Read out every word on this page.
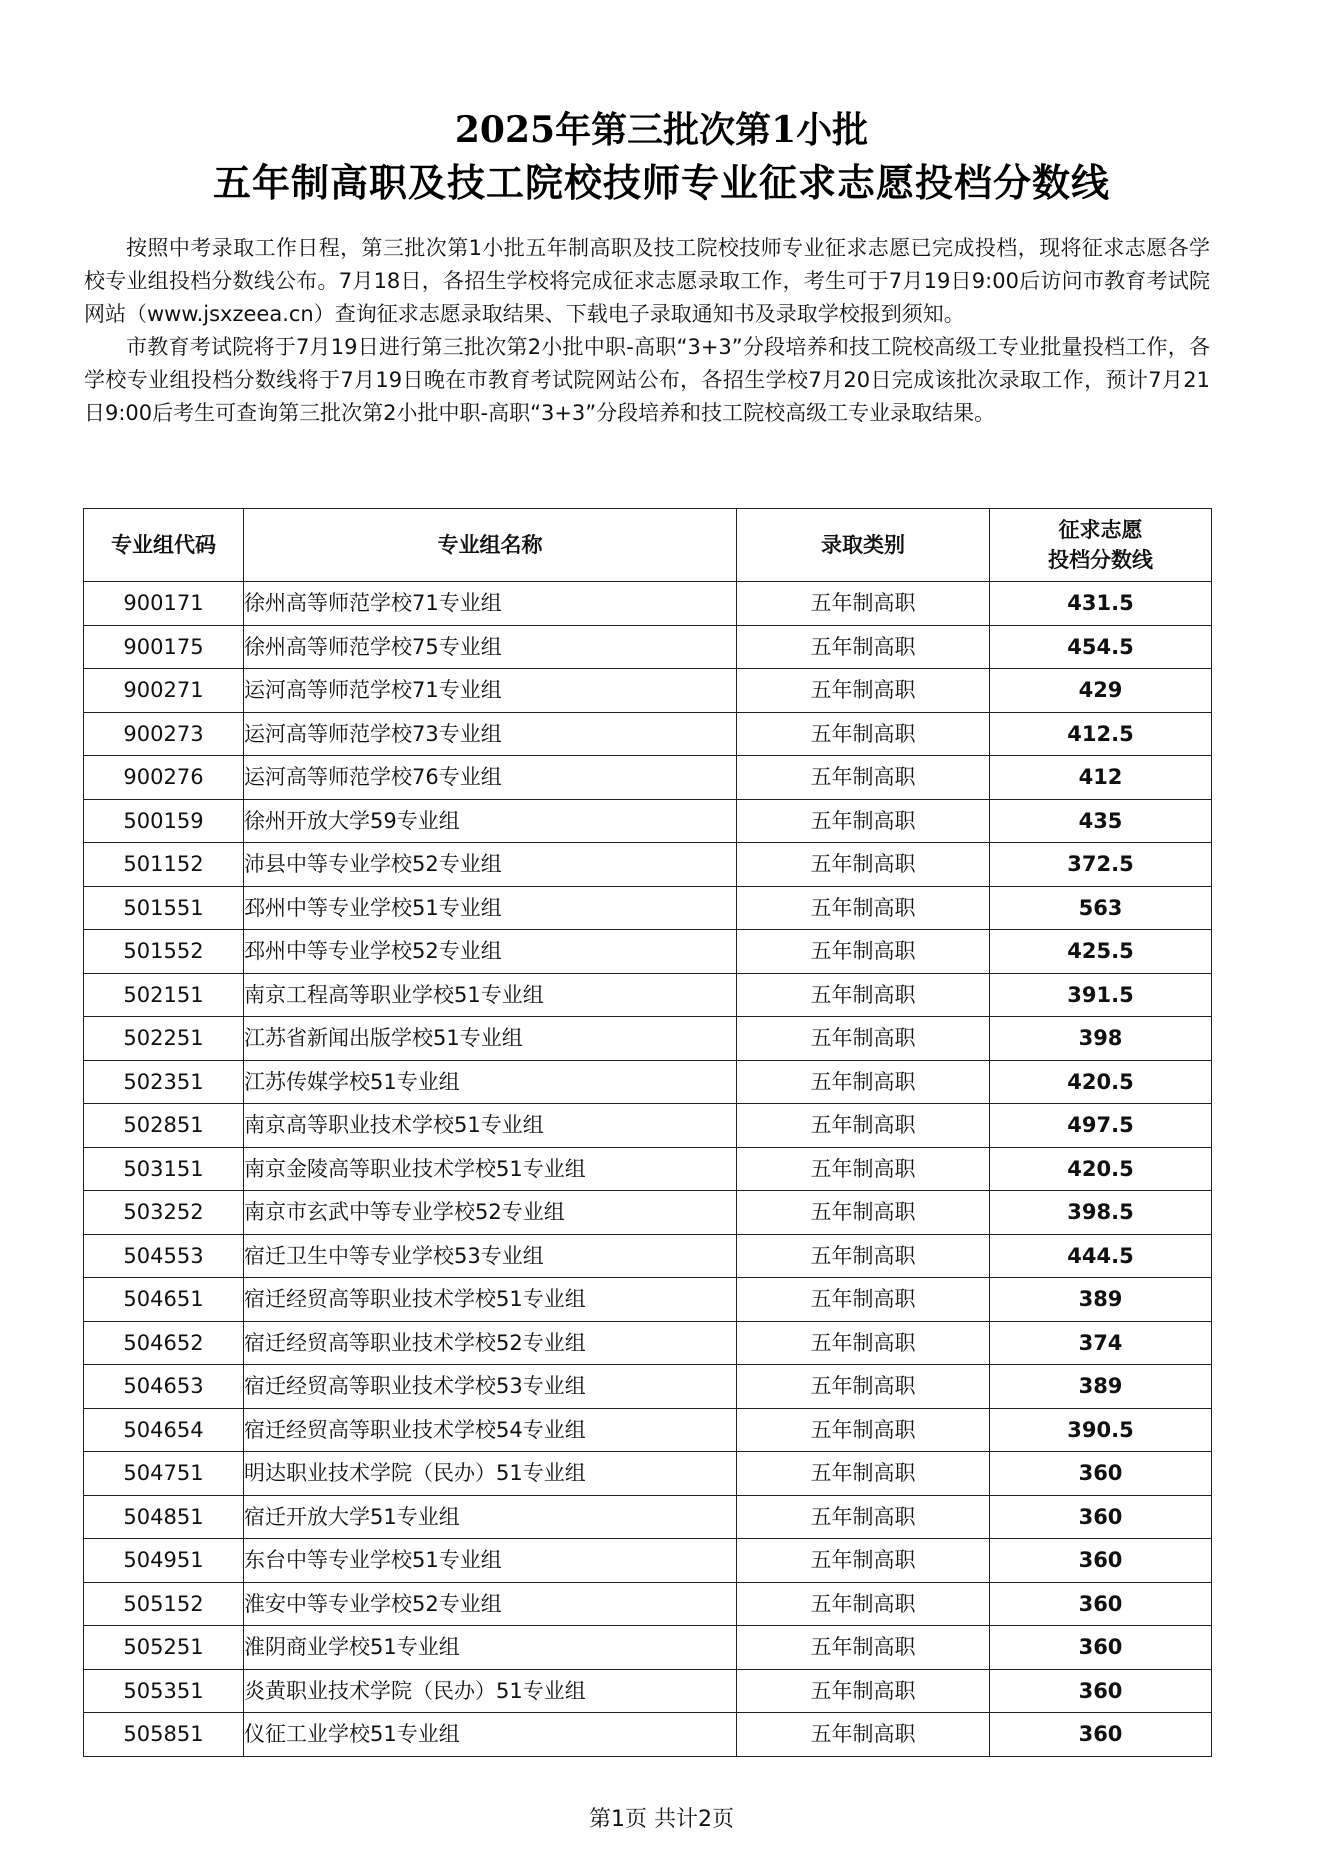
2025年第三批次第1小批
五年制高职及技工院校技师专业征求志愿投档分数线

按照中考录取工作日程，第三批次第1小批五年制高职及技工院校技师专业征求志愿已完成投档，现将征求志愿各学校专业组投档分数线公布。7月18日，各招生学校将完成征求志愿录取工作，考生可于7月19日9:00后访问市教育考试院网站（www.jsxzeea.cn）查询征求志愿录取结果、下载电子录取通知书及录取学校报到须知。

市教育考试院将于7月19日进行第三批次第2小批中职-高职“3+3”分段培养和技工院校高级工专业批量投档工作，各学校专业组投档分数线将于7月19日晚在市教育考试院网站公布，各招生学校7月20日完成该批次录取工作，预计7月21日9:00后考生可查询第三批次第2小批中职-高职“3+3”分段培养和技工院校高级工专业录取结果。

专业组代码	专业组名称	录取类别	征求志愿
投档分数线

900171	徐州高等师范学校71专业组	五年制高职	431.5
900175	徐州高等师范学校75专业组	五年制高职	454.5
900271	运河高等师范学校71专业组	五年制高职	429
900273	运河高等师范学校73专业组	五年制高职	412.5
900276	运河高等师范学校76专业组	五年制高职	412
500159	徐州开放大学59专业组	五年制高职	435
501152	沛县中等专业学校52专业组	五年制高职	372.5
501551	邳州中等专业学校51专业组	五年制高职	563
501552	邳州中等专业学校52专业组	五年制高职	425.5
502151	南京工程高等职业学校51专业组	五年制高职	391.5
502251	江苏省新闻出版学校51专业组	五年制高职	398
502351	江苏传媒学校51专业组	五年制高职	420.5
502851	南京高等职业技术学校51专业组	五年制高职	497.5
503151	南京金陵高等职业技术学校51专业组	五年制高职	420.5
503252	南京市玄武中等专业学校52专业组	五年制高职	398.5
504553	宿迁卫生中等专业学校53专业组	五年制高职	444.5
504651	宿迁经贸高等职业技术学校51专业组	五年制高职	389
504652	宿迁经贸高等职业技术学校52专业组	五年制高职	374
504653	宿迁经贸高等职业技术学校53专业组	五年制高职	389
504654	宿迁经贸高等职业技术学校54专业组	五年制高职	390.5
504751	明达职业技术学院（民办）51专业组	五年制高职	360
504851	宿迁开放大学51专业组	五年制高职	360
504951	东台中等专业学校51专业组	五年制高职	360
505152	淮安中等专业学校52专业组	五年制高职	360
505251	淮阴商业学校51专业组	五年制高职	360
505351	炎黄职业技术学院（民办）51专业组	五年制高职	360
505851	仪征工业学校51专业组	五年制高职	360
第1页 共计2页
